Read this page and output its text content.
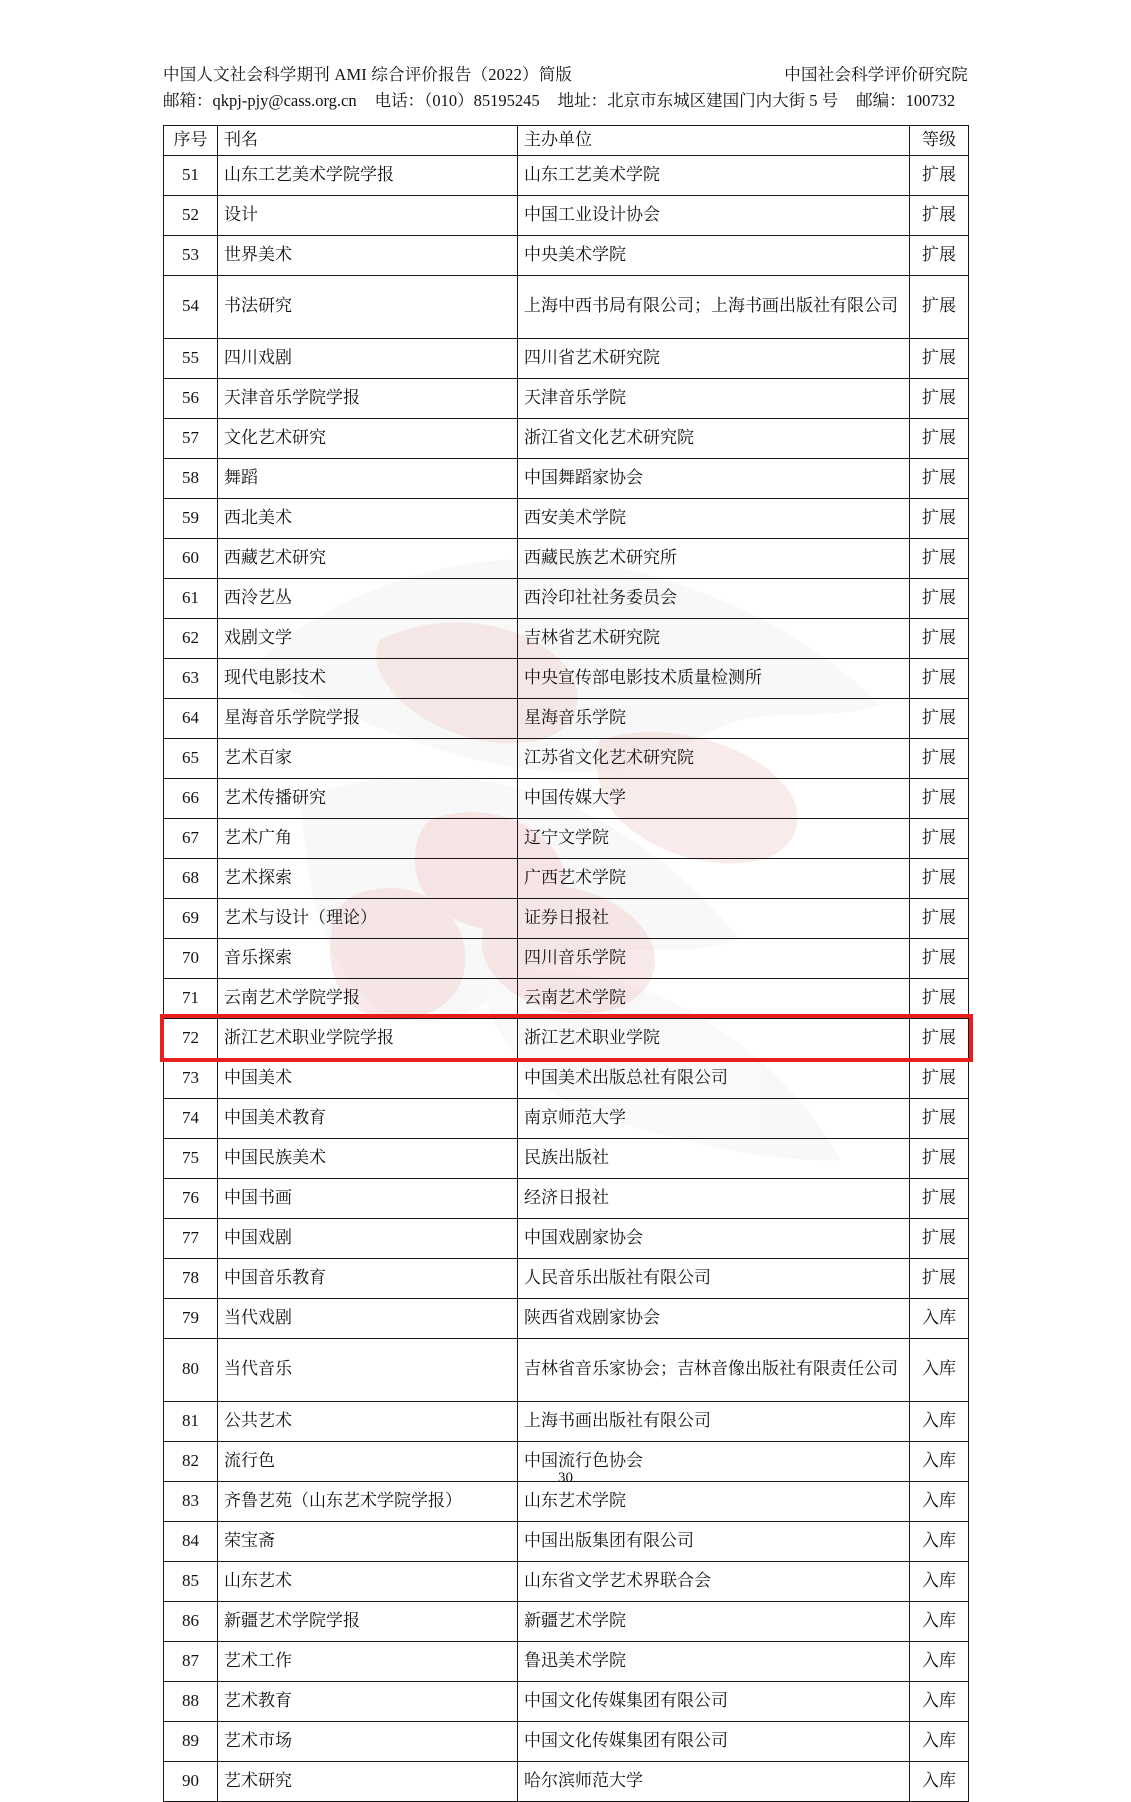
中国人文社会科学期刊 AMI 综合评价报告（2022）简版	中国社会科学评价研究院
邮箱：qkpj-pjy@cass.org.cn 电话：（010）85195245 地址：北京市东城区建国门内大街 5 号 邮编：100732
序号	刊名	主办单位	等级
51	山东工艺美术学院学报	山东工艺美术学院	扩展
52	设计	中国工业设计协会	扩展
53	世界美术	中央美术学院	扩展
54	书法研究	上海中西书局有限公司；上海书画出版社有限公司	扩展
55	四川戏剧	四川省艺术研究院	扩展
56	天津音乐学院学报	天津音乐学院	扩展
57	文化艺术研究	浙江省文化艺术研究院	扩展
58	舞蹈	中国舞蹈家协会	扩展
59	西北美术	西安美术学院	扩展
60	西藏艺术研究	西藏民族艺术研究所	扩展
61	西泠艺丛	西泠印社社务委员会	扩展
62	戏剧文学	吉林省艺术研究院	扩展
63	现代电影技术	中央宣传部电影技术质量检测所	扩展
64	星海音乐学院学报	星海音乐学院	扩展
65	艺术百家	江苏省文化艺术研究院	扩展
66	艺术传播研究	中国传媒大学	扩展
67	艺术广角	辽宁文学院	扩展
68	艺术探索	广西艺术学院	扩展
69	艺术与设计（理论）	证券日报社	扩展
70	音乐探索	四川音乐学院	扩展
71	云南艺术学院学报	云南艺术学院	扩展
72	浙江艺术职业学院学报	浙江艺术职业学院	扩展
73	中国美术	中国美术出版总社有限公司	扩展
74	中国美术教育	南京师范大学	扩展
75	中国民族美术	民族出版社	扩展
76	中国书画	经济日报社	扩展
77	中国戏剧	中国戏剧家协会	扩展
78	中国音乐教育	人民音乐出版社有限公司	扩展
79	当代戏剧	陕西省戏剧家协会	入库
80	当代音乐	吉林省音乐家协会；吉林音像出版社有限责任公司	入库
81	公共艺术	上海书画出版社有限公司	入库
82	流行色	中国流行色协会	入库
83	齐鲁艺苑（山东艺术学院学报）	山东艺术学院	入库
84	荣宝斋	中国出版集团有限公司	入库
85	山东艺术	山东省文学艺术界联合会	入库
86	新疆艺术学院学报	新疆艺术学院	入库
87	艺术工作	鲁迅美术学院	入库
88	艺术教育	中国文化传媒集团有限公司	入库
89	艺术市场	中国文化传媒集团有限公司	入库
90	艺术研究	哈尔滨师范大学	入库
30
